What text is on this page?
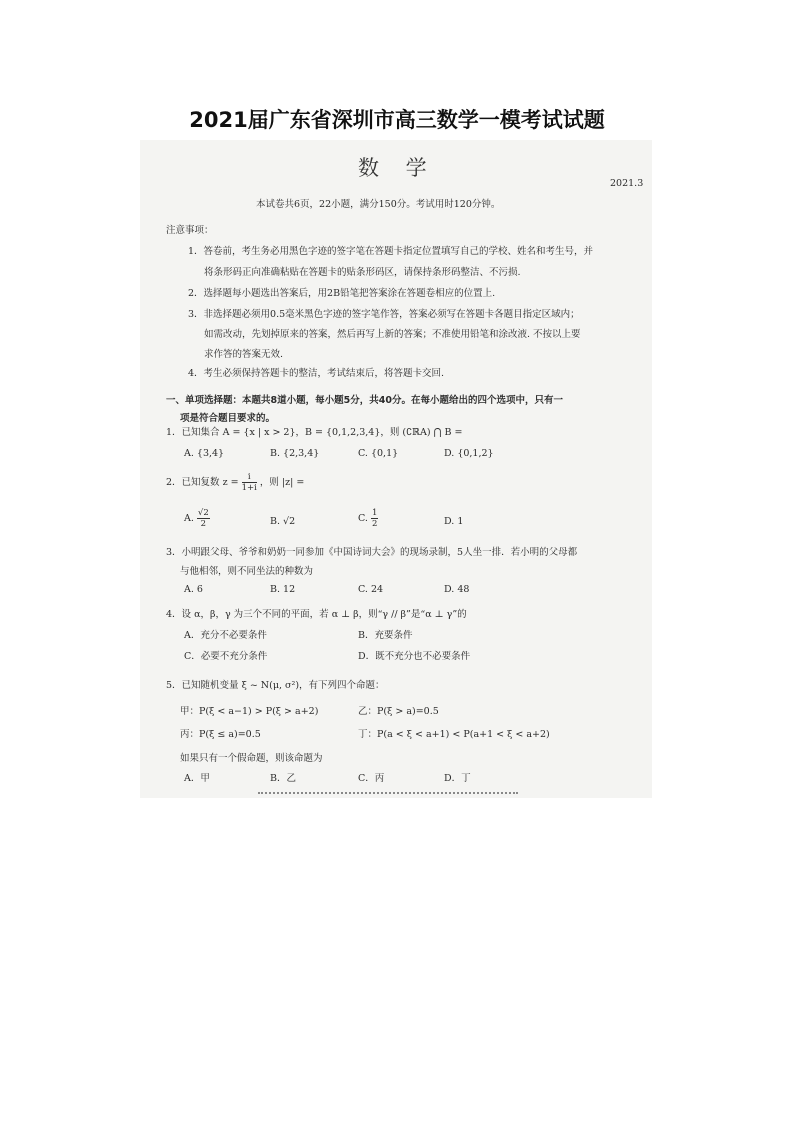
2021届广东省深圳市高三数学一模考试试题
数 学
2021.3
本试卷共6页，22小题，满分150分。考试用时120分钟。
注意事项：
1．答卷前，考生务必用黑色字迹的签字笔在答题卡指定位置填写自己的学校、姓名和考生号，并
将条形码正向准确粘贴在答题卡的贴条形码区，请保持条形码整洁、不污损.
2．选择题每小题选出答案后，用2B铅笔把答案涂在答题卷相应的位置上.
3．非选择题必须用0.5毫米黑色字迹的签字笔作答，答案必须写在答题卡各题目指定区域内；
如需改动，先划掉原来的答案，然后再写上新的答案；不准使用铅笔和涂改液. 不按以上要
求作答的答案无效.
4．考生必须保持答题卡的整洁，考试结束后，将答题卡交回.
一、单项选择题：本题共8道小题，每小题5分，共40分。在每小题给出的四个选项中，只有一
项是符合题目要求的。
1．已知集合 A = {x | x > 2}，B = {0,1,2,3,4}，则 (∁ℝA) ⋂ B =
A. {3,4}	B. {2,3,4}	C. {0,1}	D. {0,1,2}
2．已知复数 $z = \frac{i}{1+i}$ ，则 |z| =
A. $\frac{√2}{2}$	B. √2	C. $\frac{1}{2}$	D. 1
3．小明跟父母、爷爷和奶奶一同参加《中国诗词大会》的现场录制，5人坐一排．若小明的父母都
与他相邻，则不同坐法的种数为
A. 6	B. 12	C. 24	D. 48
4．设 α，β，γ 为三个不同的平面，若 α ⊥ β，则“γ // β”是“α ⊥ γ”的
A．充分不必要条件	B．充要条件
C．必要不充分条件	D．既不充分也不必要条件
5．已知随机变量 ξ ~ N(μ, σ²)，有下列四个命题：
甲：P(ξ < a−1) > P(ξ > a+2)	乙：P(ξ > a)=0.5
丙：P(ξ ≤ a)=0.5	丁：P(a < ξ < a+1) < P(a+1 < ξ < a+2)
如果只有一个假命题，则该命题为
A．甲	B．乙	C．丙	D．丁
